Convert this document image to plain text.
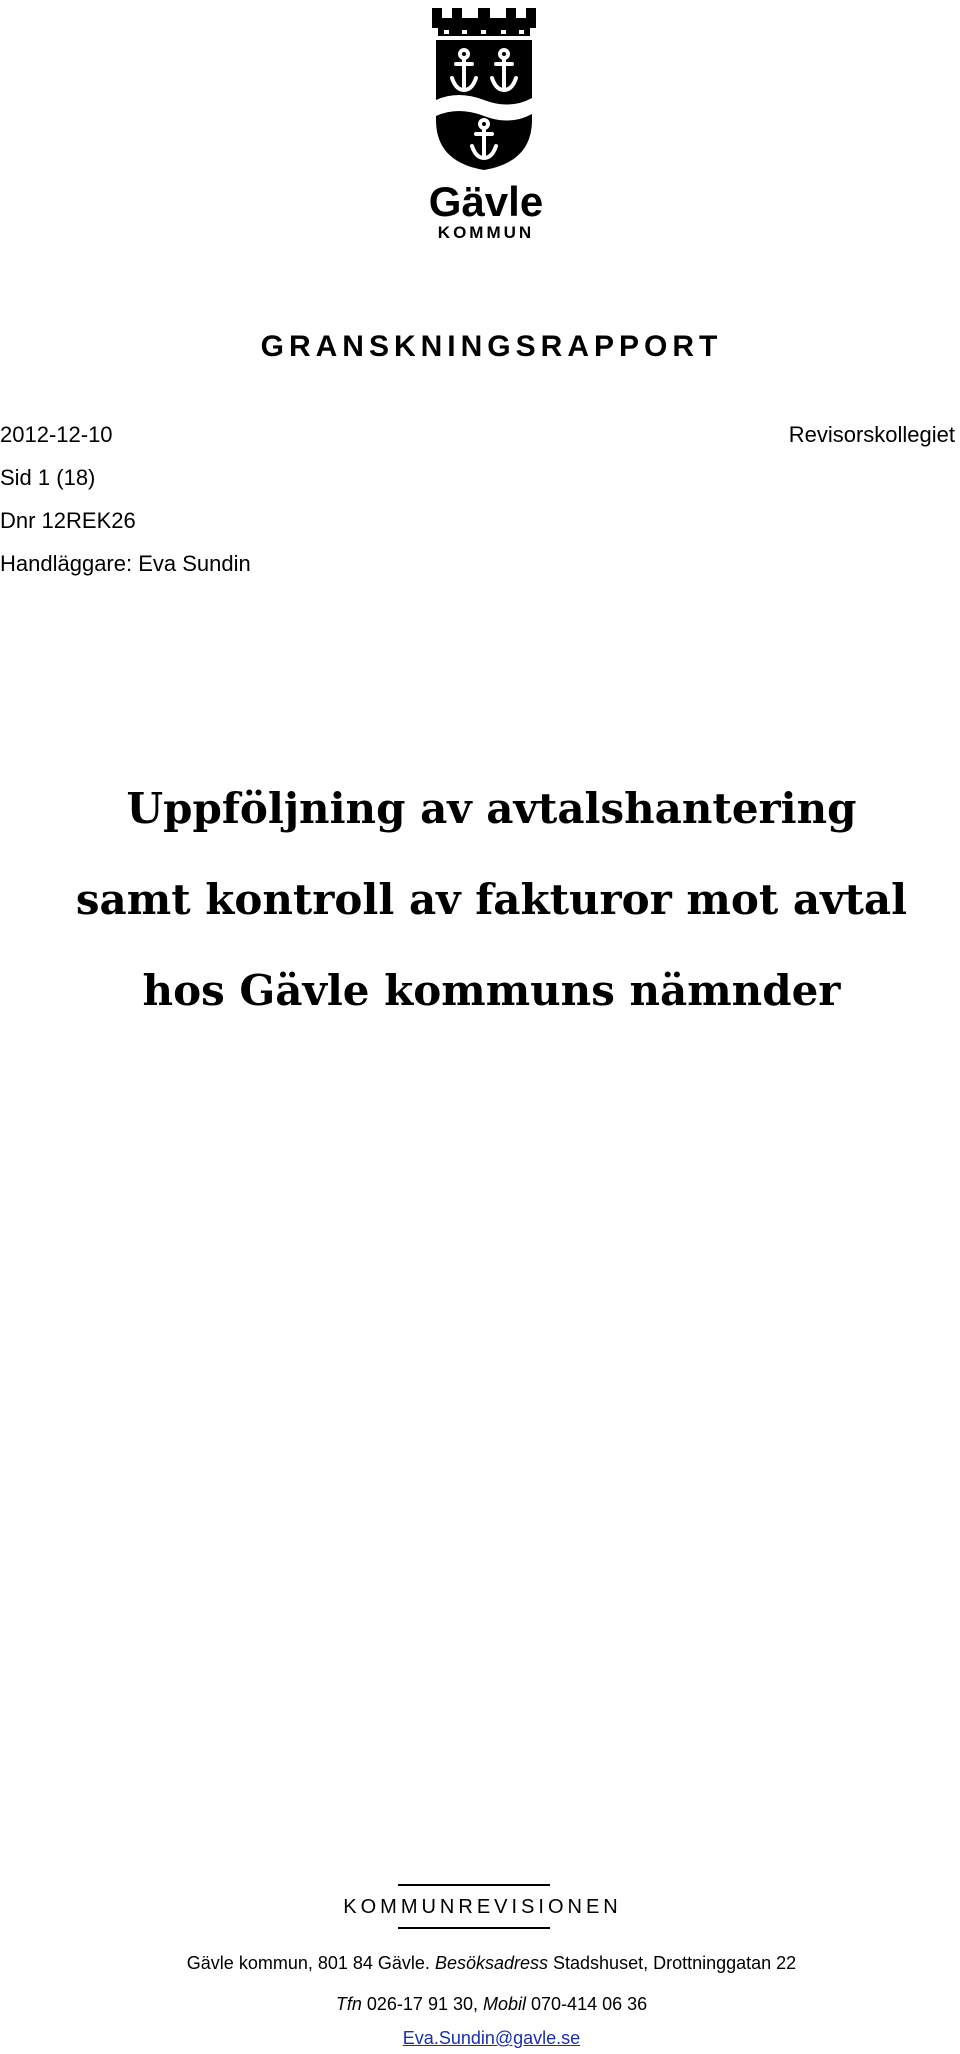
Gävle
KOMMUN
GRANSKNINGSRAPPORT
2012-12-10	Revisorskollegiet
Sid 1 (18)
Dnr 12REK26
Handläggare: Eva Sundin
Uppföljning av avtalshantering
samt kontroll av fakturor mot avtal
hos Gävle kommuns nämnder
KOMMUNREVISIONEN
Gävle kommun, 801 84 Gävle. Besöksadress Stadshuset, Drottninggatan 22
Tfn 026-17 91 30, Mobil 070-414 06 36
Eva.Sundin@gavle.se
